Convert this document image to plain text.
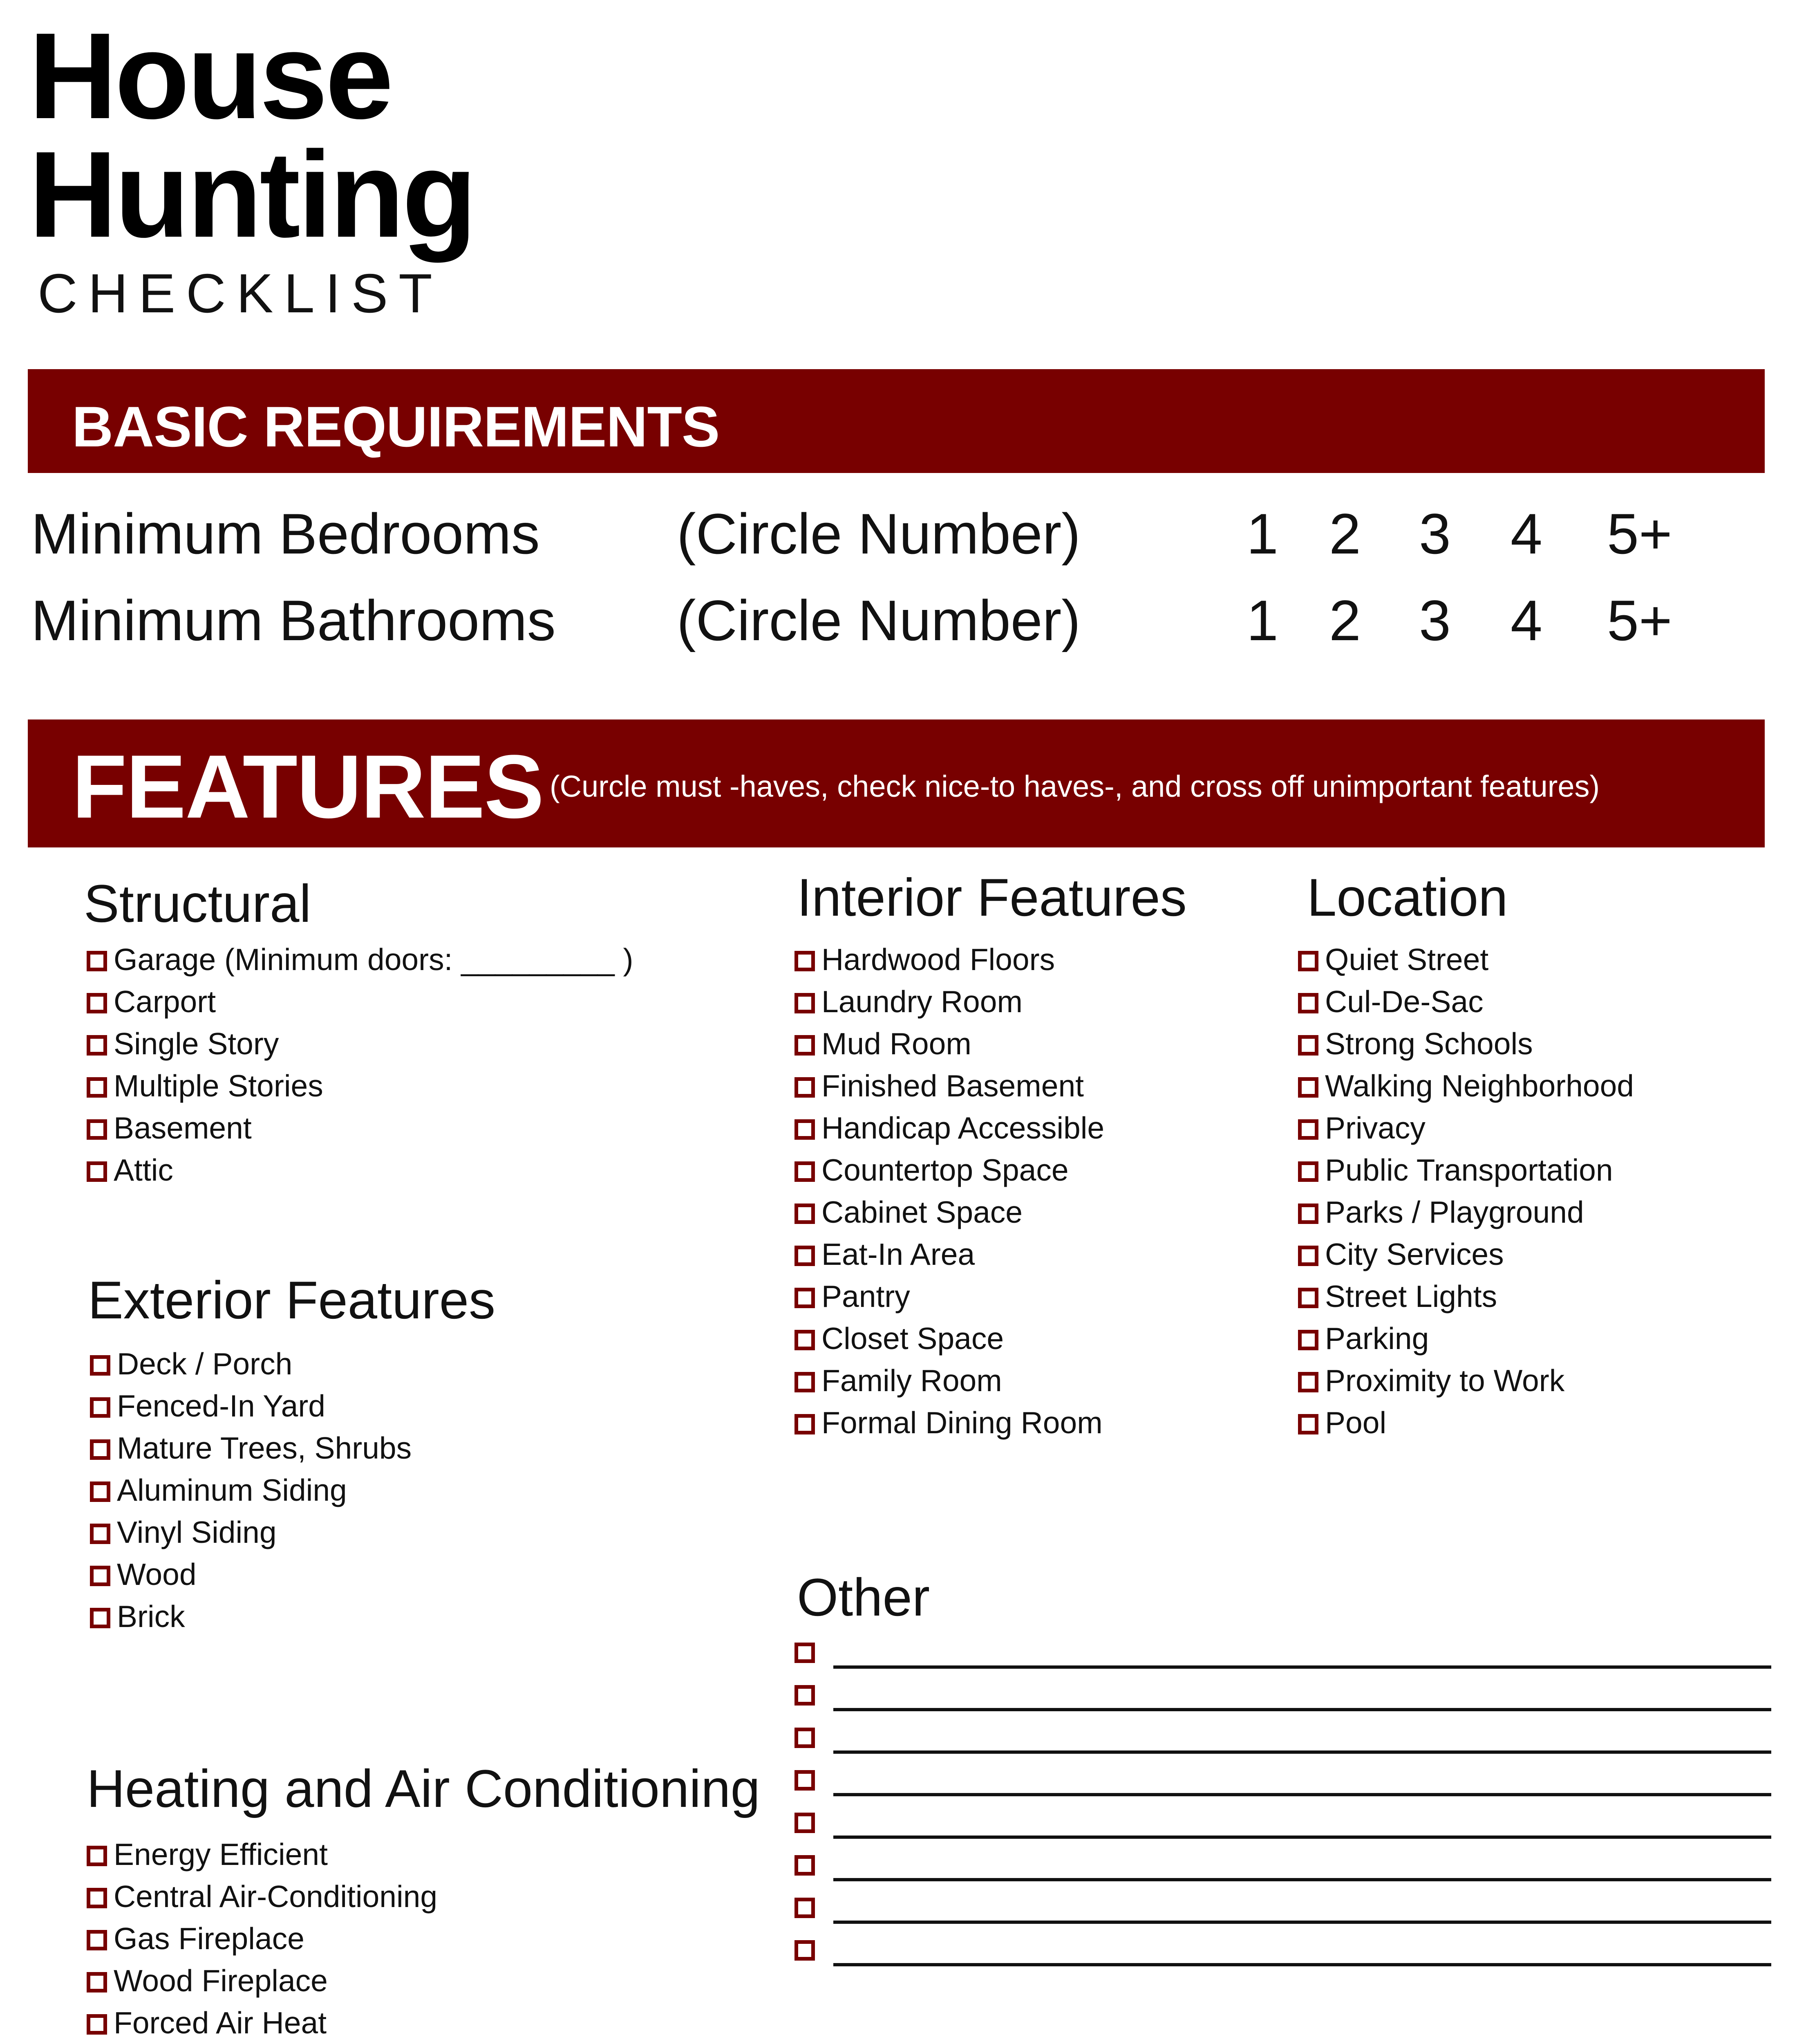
House
Hunting
CHECKLIST
BASIC REQUIREMENTS
Minimum Bedrooms (Circle Number)	1 2 3 4 5+
Minimum Bathrooms (Circle Number)	1 2 3 4 5+
FEATURES (Curcle must -haves, check nice-to haves-, and cross off unimportant features)
Structural
Garage (Minimum doors: _________ )
Carport
Single Story
Multiple Stories
Basement
Attic
Interior Features
Hardwood Floors
Laundry Room
Mud Room
Finished Basement
Handicap Accessible
Countertop Space
Cabinet Space
Eat-In Area
Pantry
Closet Space
Family Room
Formal Dining Room
Location
Quiet Street
Cul-De-Sac
Strong Schools
Walking Neighborhood
Privacy
Public Transportation
Parks / Playground
City Services
Street Lights
Parking
Proximity to Work
Pool
Exterior Features
Deck / Porch
Fenced-In Yard
Mature Trees, Shrubs
Aluminum Siding
Vinyl Siding
Wood
Brick
Heating and Air Conditioning
Energy Efficient
Central Air-Conditioning
Gas Fireplace
Wood Fireplace
Forced Air Heat
Other
